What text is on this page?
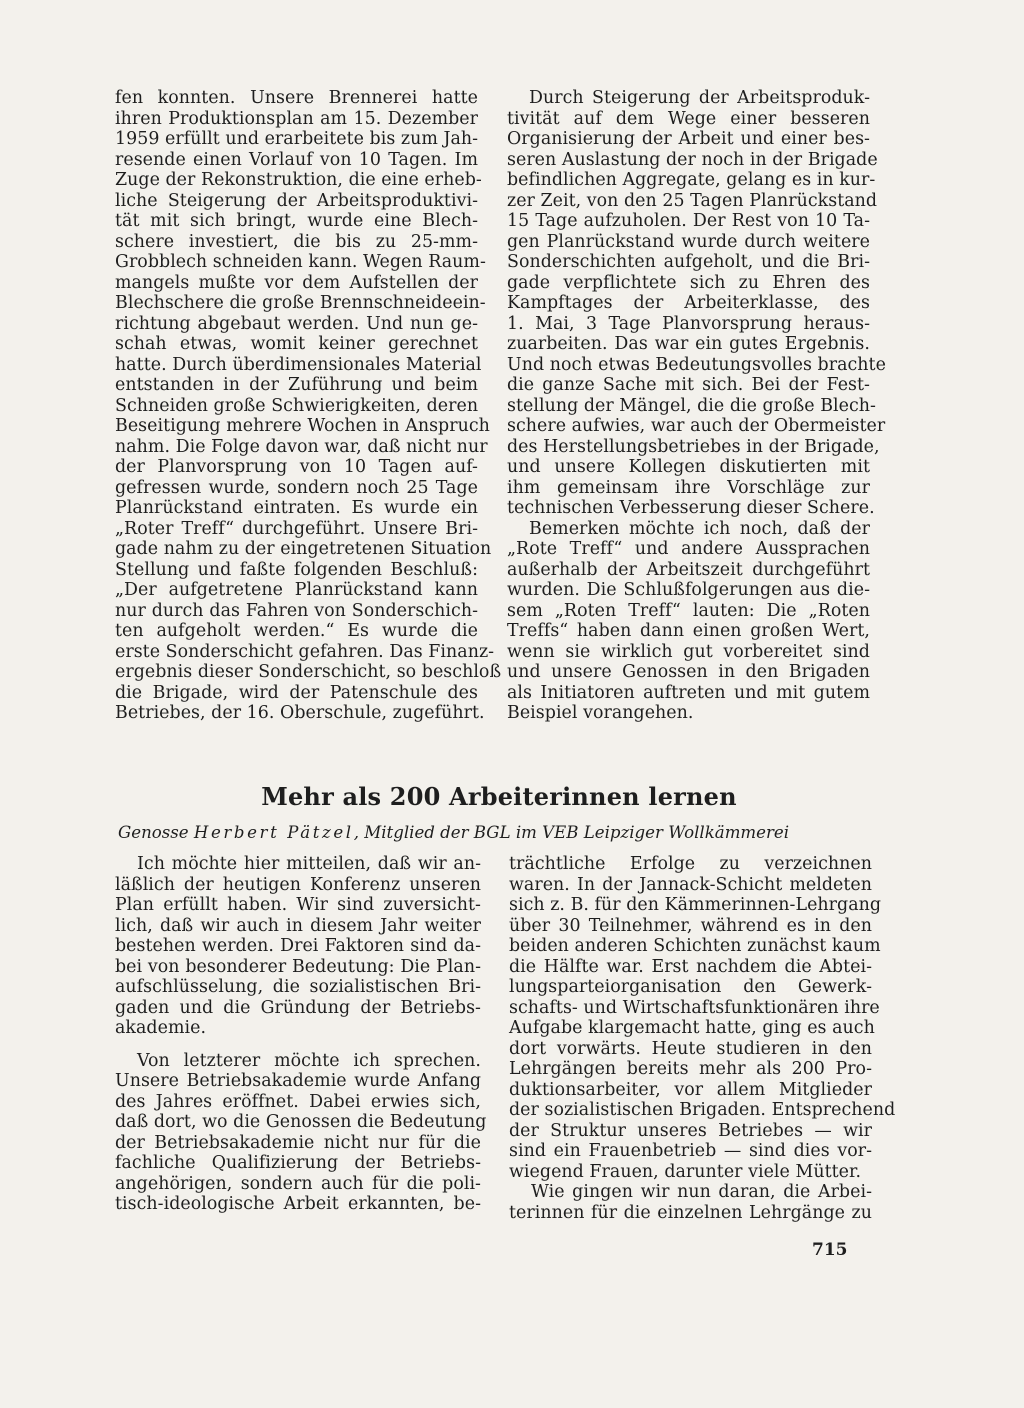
fen konnten. Unsere Brennerei hatte
ihren Produktionsplan am 15. Dezember
1959 erfüllt und erarbeitete bis zum Jah-
resende einen Vorlauf von 10 Tagen. Im
Zuge der Rekonstruktion, die eine erheb-
liche Steigerung der Arbeitsproduktivi-
tät mit sich bringt, wurde eine Blech-
schere investiert, die bis zu 25-mm-
Grobblech schneiden kann. Wegen Raum-
mangels mußte vor dem Aufstellen der
Blechschere die große Brennschneideein-
richtung abgebaut werden. Und nun ge-
schah etwas, womit keiner gerechnet
hatte. Durch überdimensionales Material
entstanden in der Zuführung und beim
Schneiden große Schwierigkeiten, deren
Beseitigung mehrere Wochen in Anspruch
nahm. Die Folge davon war, daß nicht nur
der Planvorsprung von 10 Tagen auf-
gefressen wurde, sondern noch 25 Tage
Planrückstand eintraten. Es wurde ein
„Roter Treff“ durchgeführt. Unsere Bri-
gade nahm zu der eingetretenen Situation
Stellung und faßte folgenden Beschluß:
„Der aufgetretene Planrückstand kann
nur durch das Fahren von Sonderschich-
ten aufgeholt werden.“ Es wurde die
erste Sonderschicht gefahren. Das Finanz-
ergebnis dieser Sonderschicht, so beschloß
die Brigade, wird der Patenschule des
Betriebes, der 16. Oberschule, zugeführt.
Durch Steigerung der Arbeitsproduk-
tivität auf dem Wege einer besseren
Organisierung der Arbeit und einer bes-
seren Auslastung der noch in der Brigade
befindlichen Aggregate, gelang es in kur-
zer Zeit, von den 25 Tagen Planrückstand
15 Tage aufzuholen. Der Rest von 10 Ta-
gen Planrückstand wurde durch weitere
Sonderschichten aufgeholt, und die Bri-
gade verpflichtete sich zu Ehren des
Kampftages der Arbeiterklasse, des
1. Mai, 3 Tage Planvorsprung heraus-
zuarbeiten. Das war ein gutes Ergebnis.
Und noch etwas Bedeutungsvolles brachte
die ganze Sache mit sich. Bei der Fest-
stellung der Mängel, die die große Blech-
schere aufwies, war auch der Obermeister
des Herstellungsbetriebes in der Brigade,
und unsere Kollegen diskutierten mit
ihm gemeinsam ihre Vorschläge zur
technischen Verbesserung dieser Schere.
Bemerken möchte ich noch, daß der
„Rote Treff“ und andere Aussprachen
außerhalb der Arbeitszeit durchgeführt
wurden. Die Schlußfolgerungen aus die-
sem „Roten Treff“ lauten: Die „Roten
Treffs“ haben dann einen großen Wert,
wenn sie wirklich gut vorbereitet sind
und unsere Genossen in den Brigaden
als Initiatoren auftreten und mit gutem
Beispiel vorangehen.
Mehr als 200 Arbeiterinnen lernen
Genosse Herbert Pätzel, Mitglied der BGL im VEB Leipziger Wollkämmerei
Ich möchte hier mitteilen, daß wir an-
läßlich der heutigen Konferenz unseren
Plan erfüllt haben. Wir sind zuversicht-
lich, daß wir auch in diesem Jahr weiter
bestehen werden. Drei Faktoren sind da-
bei von besonderer Bedeutung: Die Plan-
aufschlüsselung, die sozialistischen Bri-
gaden und die Gründung der Betriebs-
akademie.
Von letzterer möchte ich sprechen.
Unsere Betriebsakademie wurde Anfang
des Jahres eröffnet. Dabei erwies sich,
daß dort, wo die Genossen die Bedeutung
der Betriebsakademie nicht nur für die
fachliche Qualifizierung der Betriebs-
angehörigen, sondern auch für die poli-
tisch-ideologische Arbeit erkannten, be-
trächtliche Erfolge zu verzeichnen
waren. In der Jannack-Schicht meldeten
sich z. B. für den Kämmerinnen-Lehrgang
über 30 Teilnehmer, während es in den
beiden anderen Schichten zunächst kaum
die Hälfte war. Erst nachdem die Abtei-
lungsparteiorganisation den Gewerk-
schafts- und Wirtschaftsfunktionären ihre
Aufgabe klargemacht hatte, ging es auch
dort vorwärts. Heute studieren in den
Lehrgängen bereits mehr als 200 Pro-
duktionsarbeiter, vor allem Mitglieder
der sozialistischen Brigaden. Entsprechend
der Struktur unseres Betriebes — wir
sind ein Frauenbetrieb — sind dies vor-
wiegend Frauen, darunter viele Mütter.
Wie gingen wir nun daran, die Arbei-
terinnen für die einzelnen Lehrgänge zu
715
